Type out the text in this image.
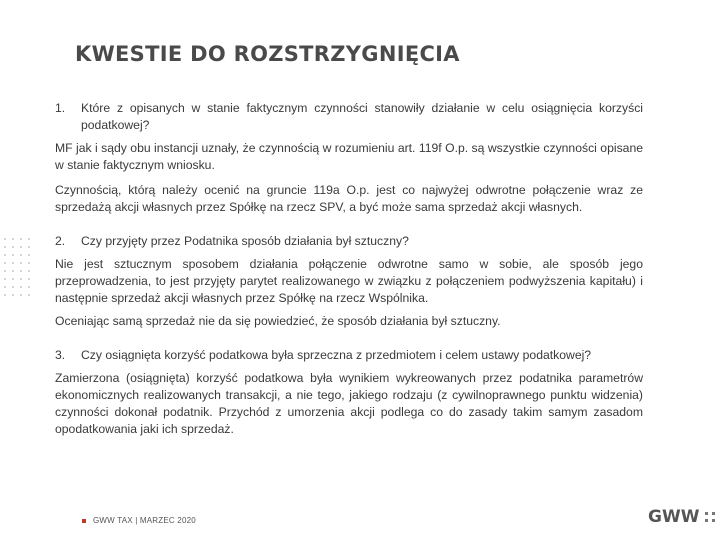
KWESTIE DO ROZSTRZYGNIĘCIA
1.	Które z opisanych w stanie faktycznym czynności stanowiły działanie w celu osiągnięcia korzyści podatkowej?

MF jak i sądy obu instancji uznały, że czynnością w rozumieniu art. 119f O.p. są wszystkie czynności opisane w stanie faktycznym wniosku.

Czynnością, którą należy ocenić na gruncie 119a O.p. jest co najwyżej odwrotne połączenie wraz ze sprzedażą akcji własnych przez Spółkę na rzecz SPV, a być może sama sprzedaż akcji własnych.

2.	Czy przyjęty przez Podatnika sposób działania był sztuczny?

Nie jest sztucznym sposobem działania połączenie odwrotne samo w sobie, ale sposób jego przeprowadzenia, to jest przyjęty parytet realizowanego w związku z połączeniem podwyższenia kapitału) i następnie sprzedaż akcji własnych przez Spółkę na rzecz Wspólnika.

Oceniając samą sprzedaż nie da się powiedzieć, że sposób działania był sztuczny.

3.	Czy osiągnięta korzyść podatkowa była sprzeczna z przedmiotem i celem ustawy podatkowej?

Zamierzona (osiągnięta) korzyść podatkowa była wynikiem wykreowanych przez podatnika parametrów ekonomicznych realizowanych transakcji, a nie tego, jakiego rodzaju (z cywilnoprawnego punktu widzenia) czynności dokonał podatnik. Przychód z umorzenia akcji podlega co do zasady takim samym zasadom opodatkowania jaki ich sprzedaż.

GWW TAX | MARZEC 2020	GWW
